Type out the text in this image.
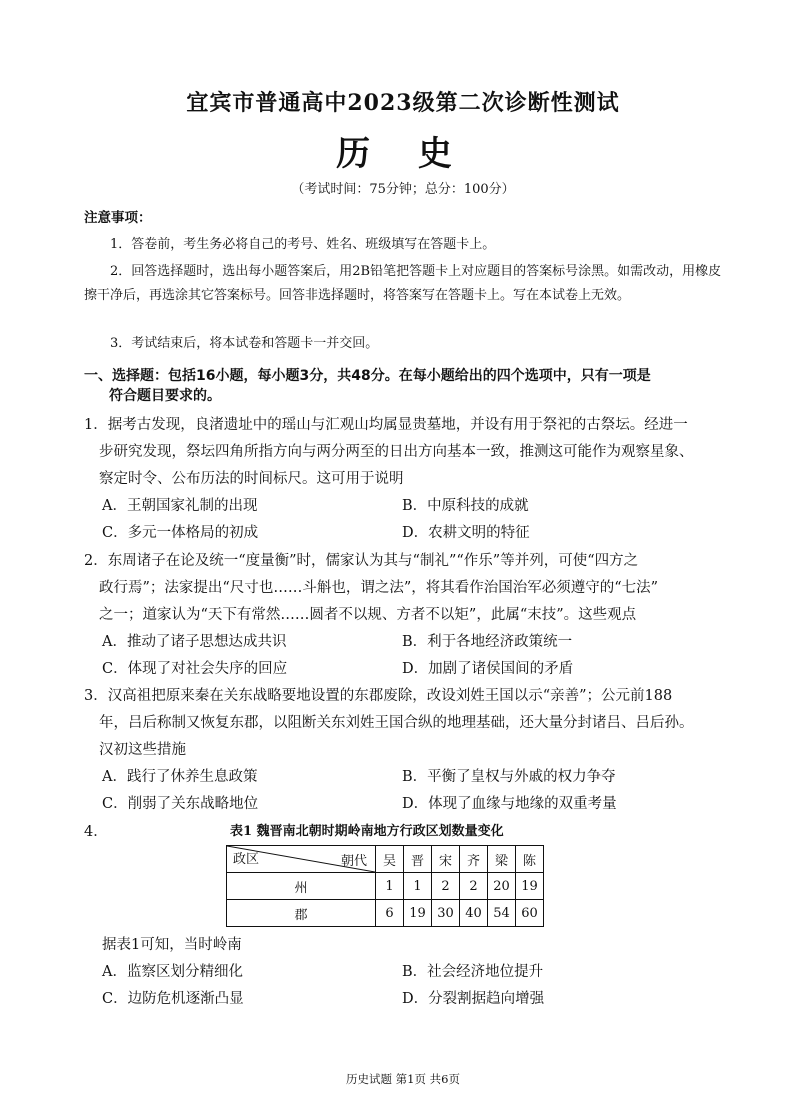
宜宾市普通高中2023级第二次诊断性测试
历 史
（考试时间：75分钟；总分：100分）
注意事项：
1．答卷前，考生务必将自己的考号、姓名、班级填写在答题卡上。
2．回答选择题时，选出每小题答案后，用2B铅笔把答题卡上对应题目的答案标号涂黑。如需改动，用橡皮擦干净后，再选涂其它答案标号。回答非选择题时，将答案写在答题卡上。写在本试卷上无效。
3．考试结束后，将本试卷和答题卡一并交回。
一、选择题：包括16小题，每小题3分，共48分。在每小题给出的四个选项中，只有一项是
符合题目要求的。
1．据考古发现，良渚遗址中的瑶山与汇观山均属显贵墓地，并设有用于祭祀的古祭坛。经进一
步研究发现，祭坛四角所指方向与两分两至的日出方向基本一致，推测这可能作为观察星象、
察定时令、公布历法的时间标尺。这可用于说明
A．王朝国家礼制的出现	B．中原科技的成就
C．多元一体格局的初成	D．农耕文明的特征
2．东周诸子在论及统一“度量衡”时，儒家认为其与“制礼”“作乐”等并列，可使“四方之
政行焉”；法家提出“尺寸也……斗斛也，谓之法”，将其看作治国治军必须遵守的“七法”
之一；道家认为“天下有常然……圆者不以规、方者不以矩”，此属“末技”。这些观点
A．推动了诸子思想达成共识	B．利于各地经济政策统一
C．体现了对社会失序的回应	D．加剧了诸侯国间的矛盾
3．汉高祖把原来秦在关东战略要地设置的东郡废除，改设刘姓王国以示“亲善”；公元前188
年，吕后称制又恢复东郡，以阻断关东刘姓王国合纵的地理基础，还大量分封诸吕、吕后孙。
汉初这些措施
A．践行了休养生息政策	B．平衡了皇权与外戚的权力争夺
C．削弱了关东战略地位	D．体现了血缘与地缘的双重考量
4．	表1 魏晋南北朝时期岭南地方行政区划数量变化
朝代
政区	吴	晋	宋	齐	梁	陈
州	1	1	2	2	20	19
郡	6	19	30	40	54	60
据表1可知，当时岭南
A．监察区划分精细化	B．社会经济地位提升
C．边防危机逐渐凸显	D．分裂割据趋向增强
历史试题 第1页 共6页
